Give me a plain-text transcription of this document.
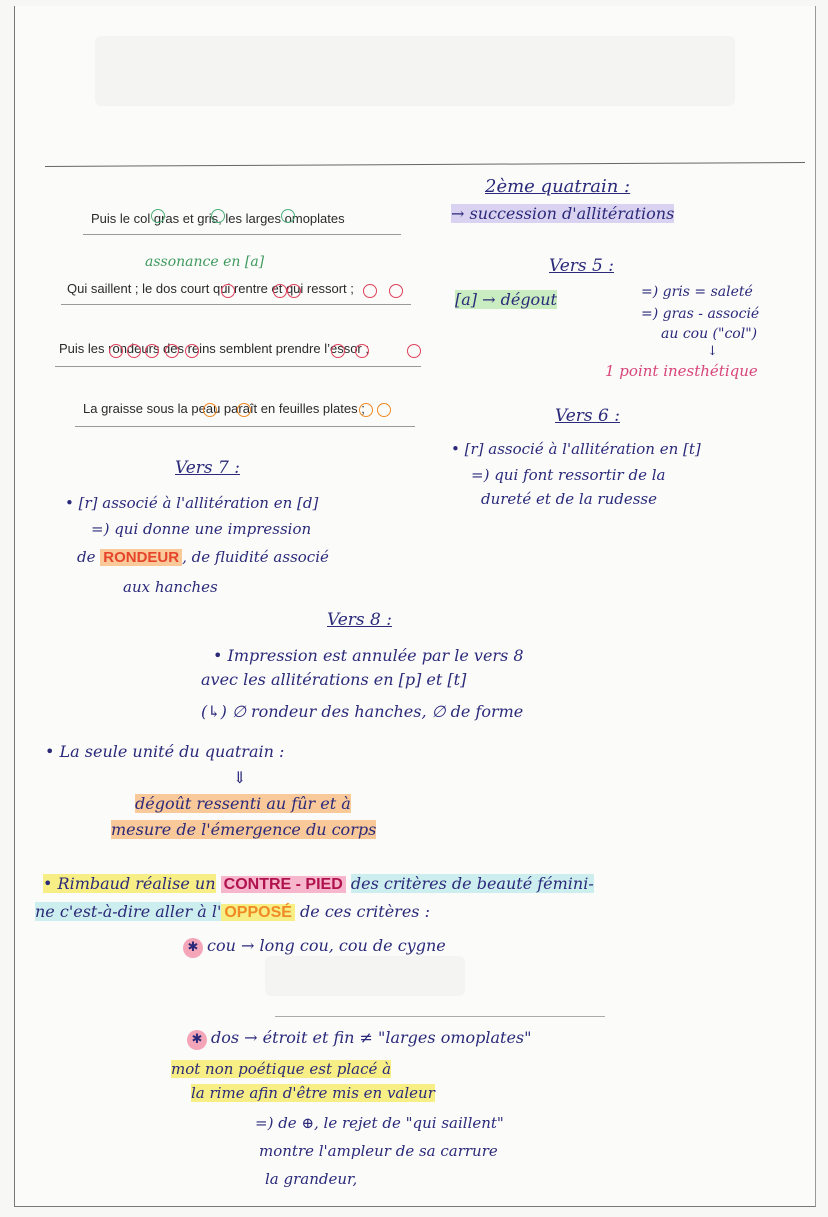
Puis le col gras et gris, les larges omoplates
assonance en [a]
Qui saillent ; le dos court qui rentre et qui ressort ;
Puis les rondeurs des reins semblent prendre l’essor ;
La graisse sous la peau paraît en feuilles plates ;
2ème quatrain :
→ succession d'allitérations
Vers 5 :
[a] → dégout	=) gris = saleté
=) gras - associé
au cou ("col")
↓
1 point inesthétique
Vers 6 :
• [r] associé à l'allitération en [t]
=) qui font ressortir de la
dureté et de la rudesse
Vers 7 :
• [r] associé à l'allitération en [d]
=) qui donne une impression
de RONDEUR , de fluidité associé
aux hanches
Vers 8 :
• Impression est annulée par le vers 8
avec les allitérations en [p] et [t]
(↳) ∅ rondeur des hanches, ∅ de forme
• La seule unité du quatrain :
⇓
dégoût ressenti au fûr et à
mesure de l'émergence du corps
• Rimbaud réalise un CONTRE - PIED des critères de beauté fémini-
ne c'est-à-dire aller à l' OPPOSÉ de ces critères :
✱ cou → long cou, cou de cygne
✱ dos → étroit et fin ≠ "larges omoplates"
mot non poétique est placé à
la rime afin d'être mis en valeur
=) de ⊕, le rejet de "qui saillent"
montre l'ampleur de sa carrure
la grandeur,
